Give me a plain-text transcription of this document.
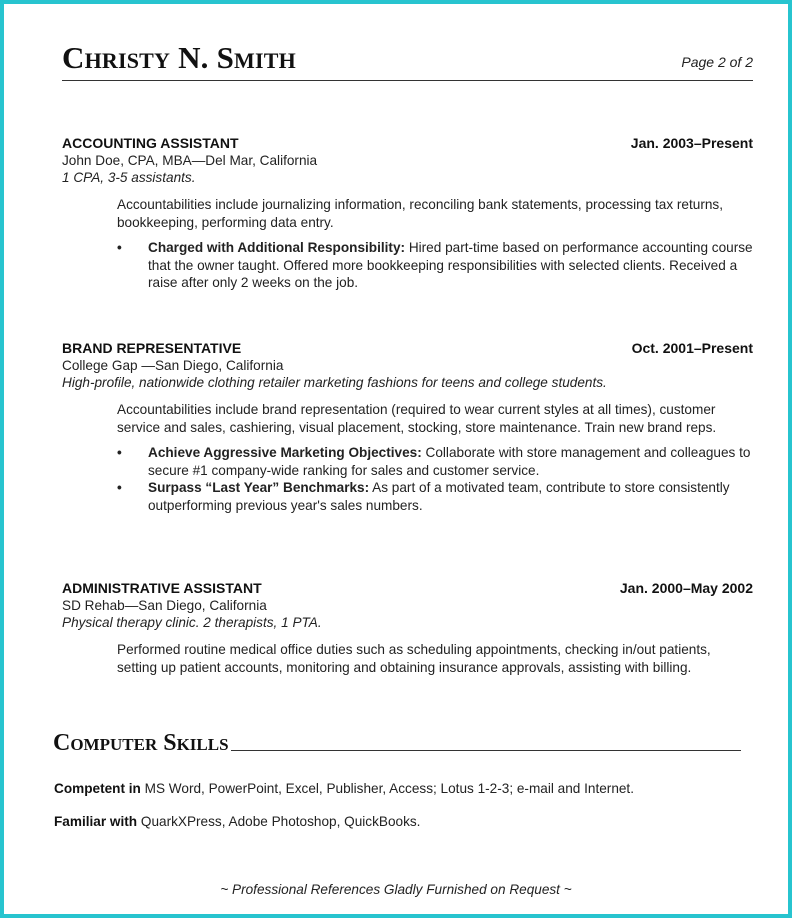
Christy N. Smith	Page 2 of 2
ACCOUNTING ASSISTANT	Jan. 2003–Present
John Doe, CPA, MBA—Del Mar, California
1 CPA, 3-5 assistants.
Accountabilities include journalizing information, reconciling bank statements, processing tax returns, bookkeeping, performing data entry.
• Charged with Additional Responsibility: Hired part-time based on performance accounting course that the owner taught. Offered more bookkeeping responsibilities with selected clients. Received a raise after only 2 weeks on the job.
BRAND REPRESENTATIVE	Oct. 2001–Present
College Gap —San Diego, California
High-profile, nationwide clothing retailer marketing fashions for teens and college students.
Accountabilities include brand representation (required to wear current styles at all times), customer service and sales, cashiering, visual placement, stocking, store maintenance. Train new brand reps.
• Achieve Aggressive Marketing Objectives: Collaborate with store management and colleagues to secure #1 company-wide ranking for sales and customer service.
• Surpass “Last Year” Benchmarks: As part of a motivated team, contribute to store consistently outperforming previous year's sales numbers.
ADMINISTRATIVE ASSISTANT	Jan. 2000–May 2002
SD Rehab—San Diego, California
Physical therapy clinic. 2 therapists, 1 PTA.
Performed routine medical office duties such as scheduling appointments, checking in/out patients, setting up patient accounts, monitoring and obtaining insurance approvals, assisting with billing.
Computer Skills
Competent in MS Word, PowerPoint, Excel, Publisher, Access; Lotus 1-2-3; e-mail and Internet.
Familiar with QuarkXPress, Adobe Photoshop, QuickBooks.
~ Professional References Gladly Furnished on Request ~
